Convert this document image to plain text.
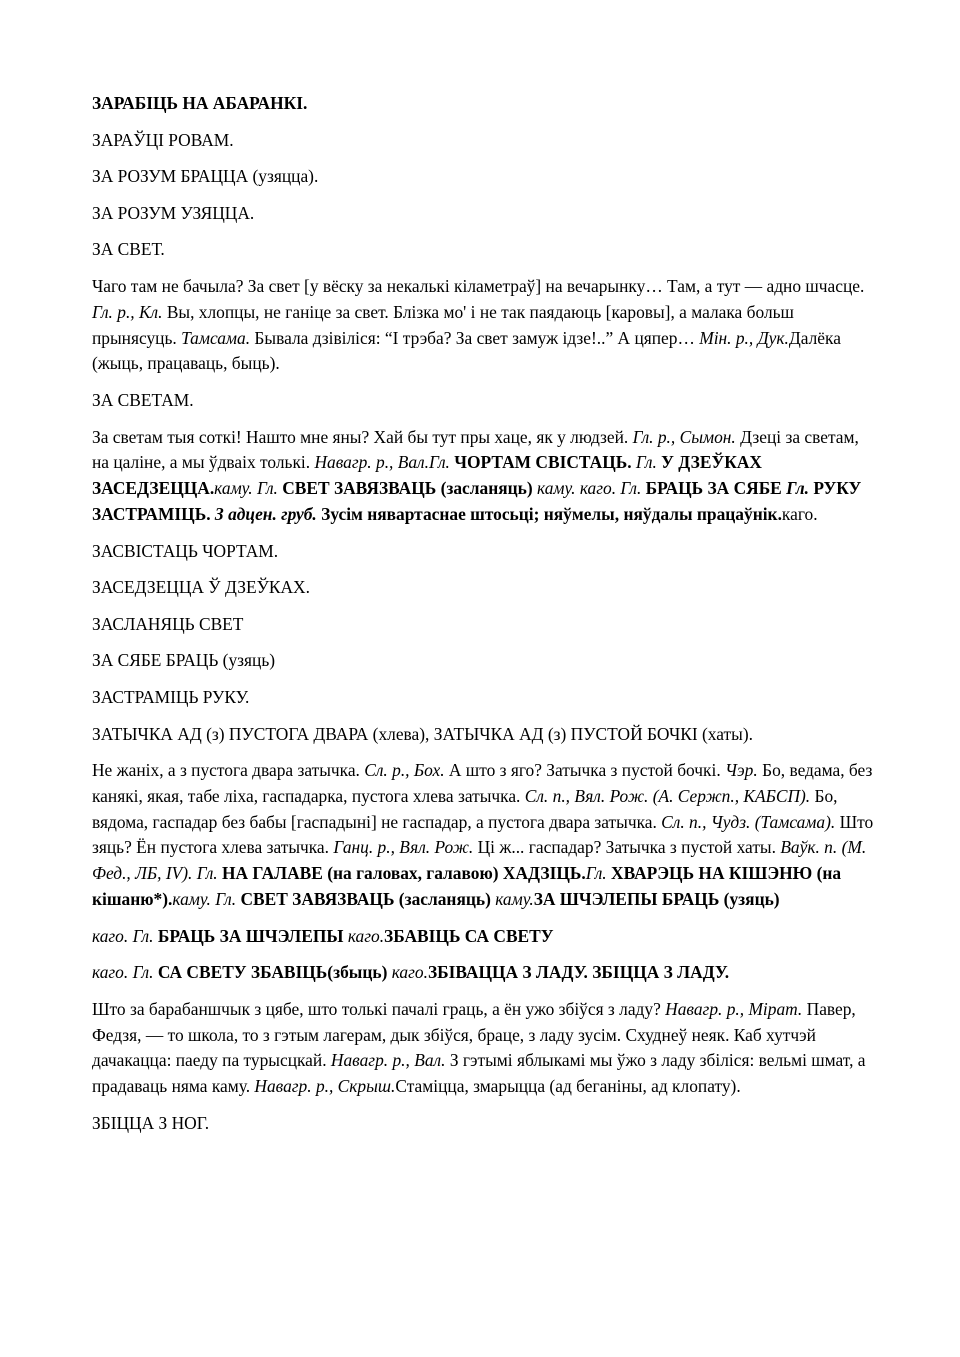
ЗАРАБІЦЬ НА АБАРАНКІ.

ЗАРАЎЦІ РОВАМ.

ЗА РОЗУМ БРАЦЦА (узяцца).

ЗА РОЗУМ УЗЯЦЦА.

ЗА СВЕТ.

Чаго там не бачыла? За свет [у вёску за некалькі кіламетраў] на вечарынку… Там, а тут — адно шчасце. Гл. р., Кл. Вы, хлопцы, не ганіце за свет. Блізка мо' і не так паядаюць [каровы], а малака больш прынясуць. Тамсама. Бывала дзівіліся: “І трэба? За свет замуж ідзе!..” А цяпер… Мін. р., Дук.Далёка (жыць, працаваць, быць).

ЗА СВЕТАМ.

За светам тыя соткі! Нашто мне яны? Хай бы тут пры хаце, як у людзей. Гл. р., Сымон. Дзеці за светам, на цаліне, а мы ўдваіх толькі. Навагр. р., Вал.Гл. ЧОРТАМ СВІСТАЦЬ. Гл. У ДЗЕЎКАХ ЗАСЕДЗЕЦЦА.каму. Гл. СВЕТ ЗАВЯЗВАЦЬ (засланяць) каму. каго. Гл. БРАЦЬ ЗА СЯБЕ Гл. РУКУ ЗАСТРАМІЦЬ. З адцен. груб. Зусім нявартаснае штосьці; няўмелы, няўдалы працаўнік.каго.

ЗАСВІСТАЦЬ ЧОРТАМ.

ЗАСЕДЗЕЦЦА Ў ДЗЕЎКАХ.

ЗАСЛАНЯЦЬ СВЕТ

ЗА СЯБЕ БРАЦЬ (узяць)

ЗАСТРАМІЦЬ РУКУ.

ЗАТЫЧКА АД (з) ПУСТОГА ДВАРА (хлева), ЗАТЫЧКА АД (з) ПУСТОЙ БОЧКІ (хаты).

Не жаніх, а з пустога двара затычка. Сл. р., Бох. А што з яго? Затычка з пустой бочкі. Чэр. Бо, ведама, без канякі, якая, табе ліха, гаспадарка, пустога хлева затычка. Сл. п., Вял. Рож. (А. Сержп., КАБСП). Бо, вядома, гаспадар без бабы [гаспадыні] не гаспадар, а пустога двара затычка. Сл. п., Чудз. (Тамсама). Што зяць? Ён пустога хлева затычка. Ганц. р., Вял. Рож. Ці ж... гаспадар? Затычка з пустой хаты. Ваўк. п. (М. Фед., ЛБ, IV). Гл. НА ГАЛАВЕ (на галовах, галавою) ХАДЗІЦЬ.Гл. ХВАРЭЦЬ НА КІШЭНЮ (на кішаню*).каму. Гл. СВЕТ ЗАВЯЗВАЦЬ (засланяць) каму.ЗА ШЧЭЛЕПЫ БРАЦЬ (узяць)

каго. Гл. БРАЦЬ ЗА ШЧЭЛЕПЫ каго.ЗБАВІЦЬ СА СВЕТУ

каго. Гл. СА СВЕТУ ЗБАВІЦЬ(збыць) каго.ЗБІВАЦЦА З ЛАДУ. ЗБІЦЦА З ЛАДУ.

Што за барабаншчык з цябе, што толькі пачалі граць, а ён ужо збіўся з ладу? Навагр. р., Мірат. Павер, Федзя, — то школа, то з гэтым лагерам, дык збіўся, браце, з ладу зусім. Схуднеў неяк. Каб хутчэй дачакацца: паеду па турысцкай. Навагр. р., Вал. З гэтымі яблыкамі мы ўжо з ладу збіліся: вельмі шмат, а прадаваць няма каму. Навагр. р., Скрыш.Стаміцца, змарыцца (ад беганіны, ад клопату).

ЗБІЦЦА З НОГ.
